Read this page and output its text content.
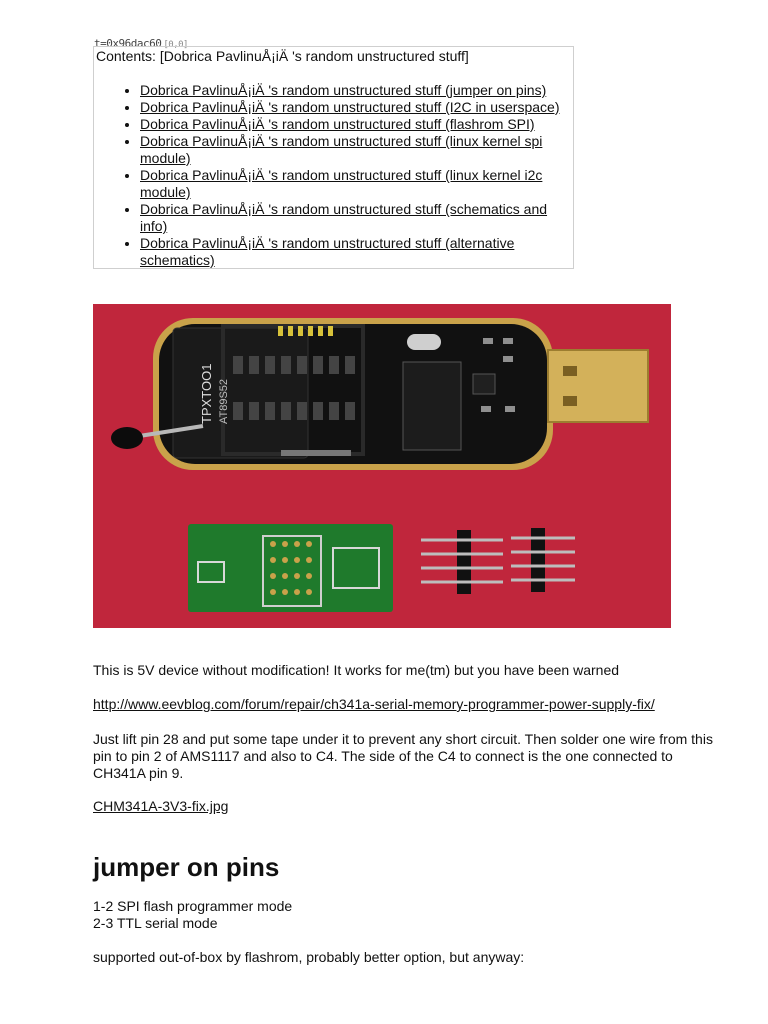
t=0x96dac60 [0,0]
Contents: [Dobrica PavlinuÅ¡iÄ 's random unstructured stuff]
• Dobrica PavlinuÅ¡iÄ 's random unstructured stuff (jumper on pins)
• Dobrica PavlinuÅ¡iÄ 's random unstructured stuff (I2C in userspace)
• Dobrica PavlinuÅ¡iÄ 's random unstructured stuff (flashrom SPI)
• Dobrica PavlinuÅ¡iÄ 's random unstructured stuff (linux kernel spi module)
• Dobrica PavlinuÅ¡iÄ 's random unstructured stuff (linux kernel i2c module)
• Dobrica PavlinuÅ¡iÄ 's random unstructured stuff (schematics and info)
• Dobrica PavlinuÅ¡iÄ 's random unstructured stuff (alternative schematics)
TPXTOO1 AT89S52

This is 5V device without modification! It works for me(tm) but you have been warned

http://www.eevblog.com/forum/repair/ch341a-serial-memory-programmer-power-supply-fix/

Just lift pin 28 and put some tape under it to prevent any short circuit. Then solder one wire from this pin to pin 2 of AMS1117 and also to C4. The side of the C4 to connect is the one connected to CH341A pin 9.

CHM341A-3V3-fix.jpg

jumper on pins

1-2 SPI flash programmer mode

2-3 TTL serial mode

supported out-of-box by flashrom, probably better option, but anyway:
